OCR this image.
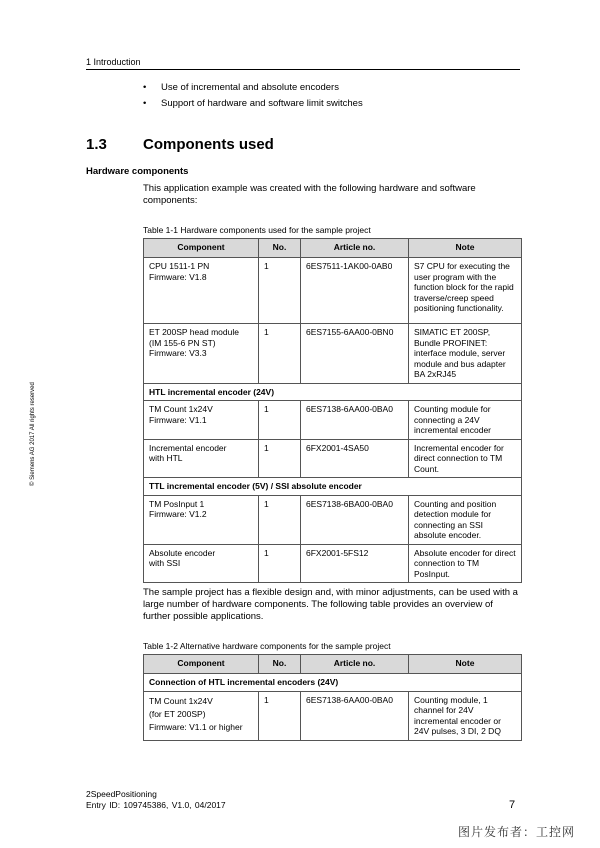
1 Introduction
• Use of incremental and absolute encoders
• Support of hardware and software limit switches
1.3 Components used
Hardware components
This application example was created with the following hardware and software components:
Table 1-1 Hardware components used for the sample project
Component	No.	Article no.	Note
CPU 1511-1 PN
Firmware: V1.8	1	6ES7511-1AK00-0AB0	S7 CPU for executing the user program with the function block for the rapid traverse/creep speed positioning functionality.
ET 200SP head module (IM 155-6 PN ST)
Firmware: V3.3	1	6ES7155-6AA00-0BN0	SIMATIC ET 200SP, Bundle PROFINET: interface module, server module and bus adapter BA 2xRJ45
HTL incremental encoder (24V)			
TM Count 1x24V
Firmware: V1.1	1	6ES7138-6AA00-0BA0	Counting module for connecting a 24V incremental encoder
Incremental encoder
with HTL	1	6FX2001-4SA50	Incremental encoder for direct connection to TM Count.
TTL incremental encoder (5V) / SSI absolute encoder			
TM PosInput 1
Firmware: V1.2	1	6ES7138-6BA00-0BA0	Counting and position detection module for connecting an SSI absolute encoder.
Absolute encoder
with SSI	1	6FX2001-5FS12	Absolute encoder for direct connection to TM PosInput.
The sample project has a flexible design and, with minor adjustments, can be used with a large number of hardware components. The following table provides an overview of further possible applications.
Table 1-2 Alternative hardware components for the sample project
Component	No.	Article no.	Note
Connection of HTL incremental encoders (24V)			
TM Count 1x24V
(for ET 200SP)
Firmware: V1.1 or higher	1	6ES7138-6AA00-0BA0	Counting module, 1 channel for 24V incremental encoder or 24V pulses, 3 DI, 2 DQ
© Siemens AG 2017 All rights reserved
2SpeedPositioning
Entry ID: 109745386, V1.0, 04/2017	7
图片发布者：工控网
